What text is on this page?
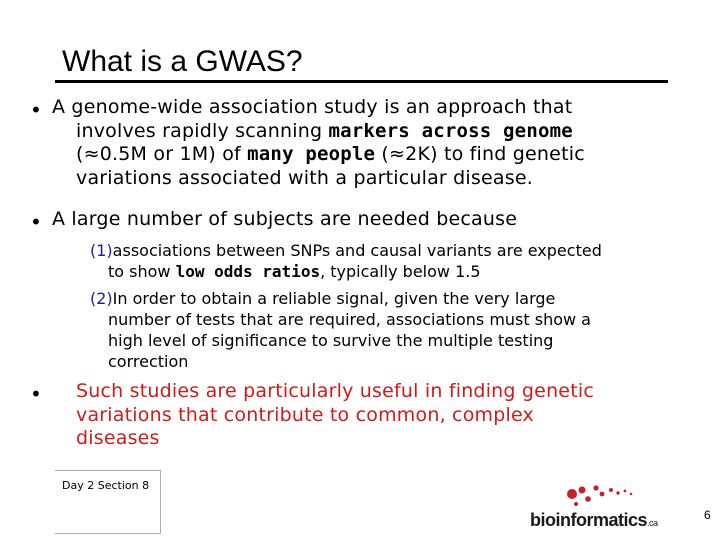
What is a GWAS?
• A genome-wide association study is an approach that
involves rapidly scanning markers across genome
(≈0.5M or 1M) of many people (≈2K) to find genetic
variations associated with a particular disease.
• A large number of subjects are needed because
(1)associations between SNPs and causal variants are expected
to show low odds ratios, typically below 1.5
(2)In order to obtain a reliable signal, given the very large
number of tests that are required, associations must show a
high level of significance to survive the multiple testing
correction
• Such studies are particularly useful in finding genetic
variations that contribute to common, complex
diseases
Day 2 Section 8
bioinformatics.ca
6
